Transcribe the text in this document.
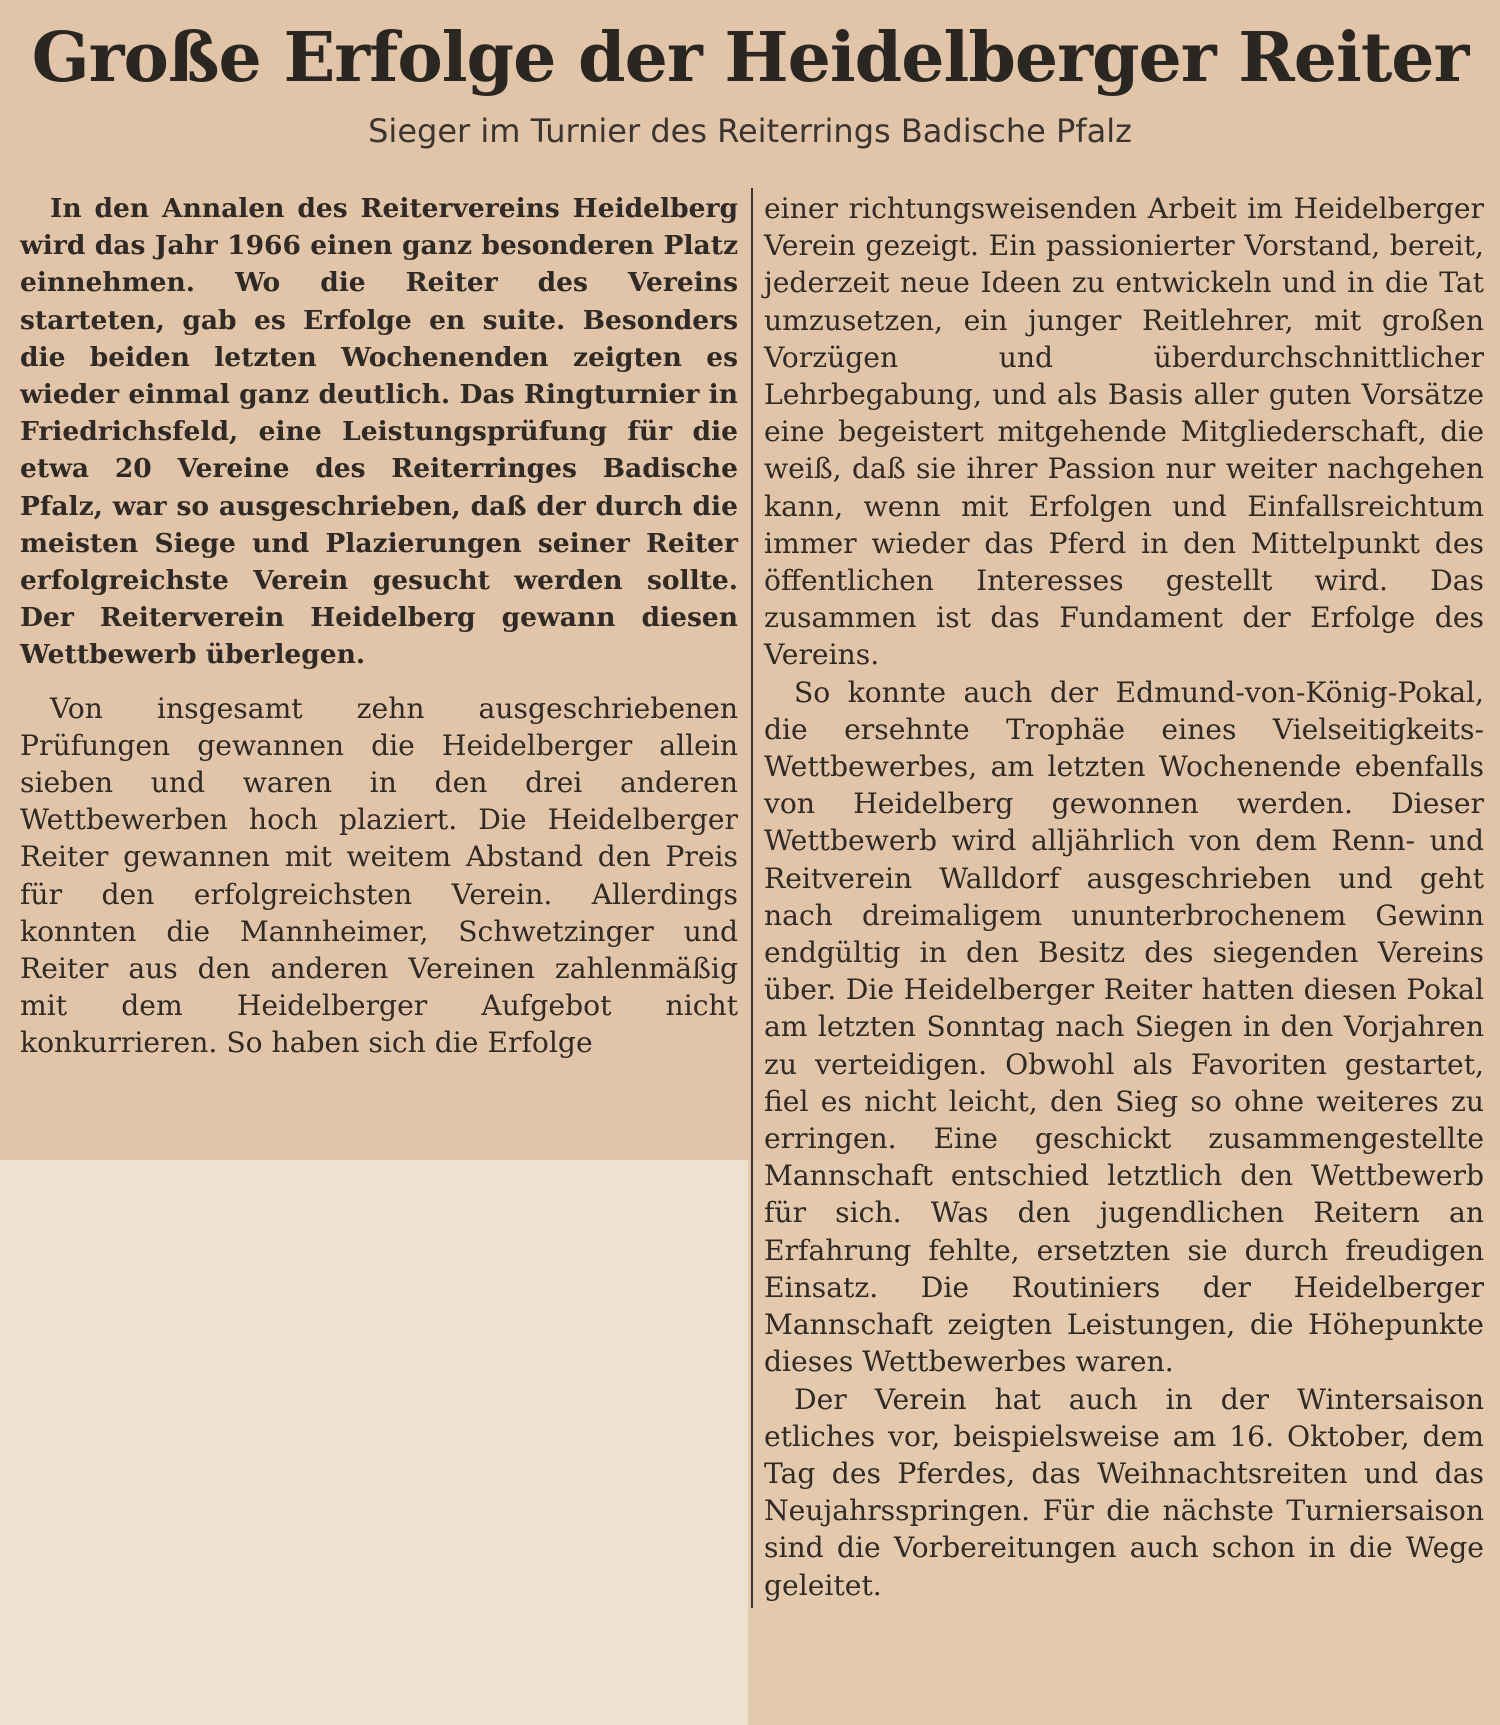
Große Erfolge der Heidelberger Reiter
Sieger im Turnier des Reiterrings Badische Pfalz

In den Annalen des Reitervereins Heidelberg wird das Jahr 1966 einen ganz besonderen Platz einnehmen. Wo die Reiter des Vereins starteten, gab es Erfolge en suite. Besonders die beiden letzten Wochenenden zeigten es wieder einmal ganz deutlich. Das Ringturnier in Friedrichsfeld, eine Leistungsprüfung für die etwa 20 Vereine des Reiterringes Badische Pfalz, war so ausgeschrieben, daß der durch die meisten Siege und Plazierungen seiner Reiter erfolgreichste Verein gesucht werden sollte. Der Reiterverein Heidelberg gewann diesen Wettbewerb überlegen.

Von insgesamt zehn ausgeschriebenen Prüfungen gewannen die Heidelberger allein sieben und waren in den drei anderen Wettbewerben hoch plaziert. Die Heidelberger Reiter gewannen mit weitem Abstand den Preis für den erfolgreichsten Verein. Allerdings konnten die Mannheimer, Schwetzinger und Reiter aus den anderen Vereinen zahlenmäßig mit dem Heidelberger Aufgebot nicht konkurrieren. So haben sich die Erfolge

einer richtungsweisenden Arbeit im Heidelberger Verein gezeigt. Ein passionierter Vorstand, bereit, jederzeit neue Ideen zu entwickeln und in die Tat umzusetzen, ein junger Reitlehrer, mit großen Vorzügen und überdurchschnittlicher Lehrbegabung, und als Basis aller guten Vorsätze eine begeistert mitgehende Mitgliederschaft, die weiß, daß sie ihrer Passion nur weiter nachgehen kann, wenn mit Erfolgen und Einfallsreichtum immer wieder das Pferd in den Mittelpunkt des öffentlichen Interesses gestellt wird. Das zusammen ist das Fundament der Erfolge des Vereins.

So konnte auch der Edmund-von-König-Pokal, die ersehnte Trophäe eines Vielseitigkeits-Wettbewerbes, am letzten Wochenende ebenfalls von Heidelberg gewonnen werden. Dieser Wettbewerb wird alljährlich von dem Renn- und Reitverein Walldorf ausgeschrieben und geht nach dreimaligem ununterbrochenem Gewinn endgültig in den Besitz des siegenden Vereins über. Die Heidelberger Reiter hatten diesen Pokal am letzten Sonntag nach Siegen in den Vorjahren zu verteidigen. Obwohl als Favoriten gestartet, fiel es nicht leicht, den Sieg so ohne weiteres zu erringen. Eine geschickt zusammengestellte Mannschaft entschied letztlich den Wettbewerb für sich. Was den jugendlichen Reitern an Erfahrung fehlte, ersetzten sie durch freudigen Einsatz. Die Routiniers der Heidelberger Mannschaft zeigten Leistungen, die Höhepunkte dieses Wettbewerbes waren.

Der Verein hat auch in der Wintersaison etliches vor, beispielsweise am 16. Oktober, dem Tag des Pferdes, das Weihnachtsreiten und das Neujahrsspringen. Für die nächste Turniersaison sind die Vorbereitungen auch schon in die Wege geleitet.
